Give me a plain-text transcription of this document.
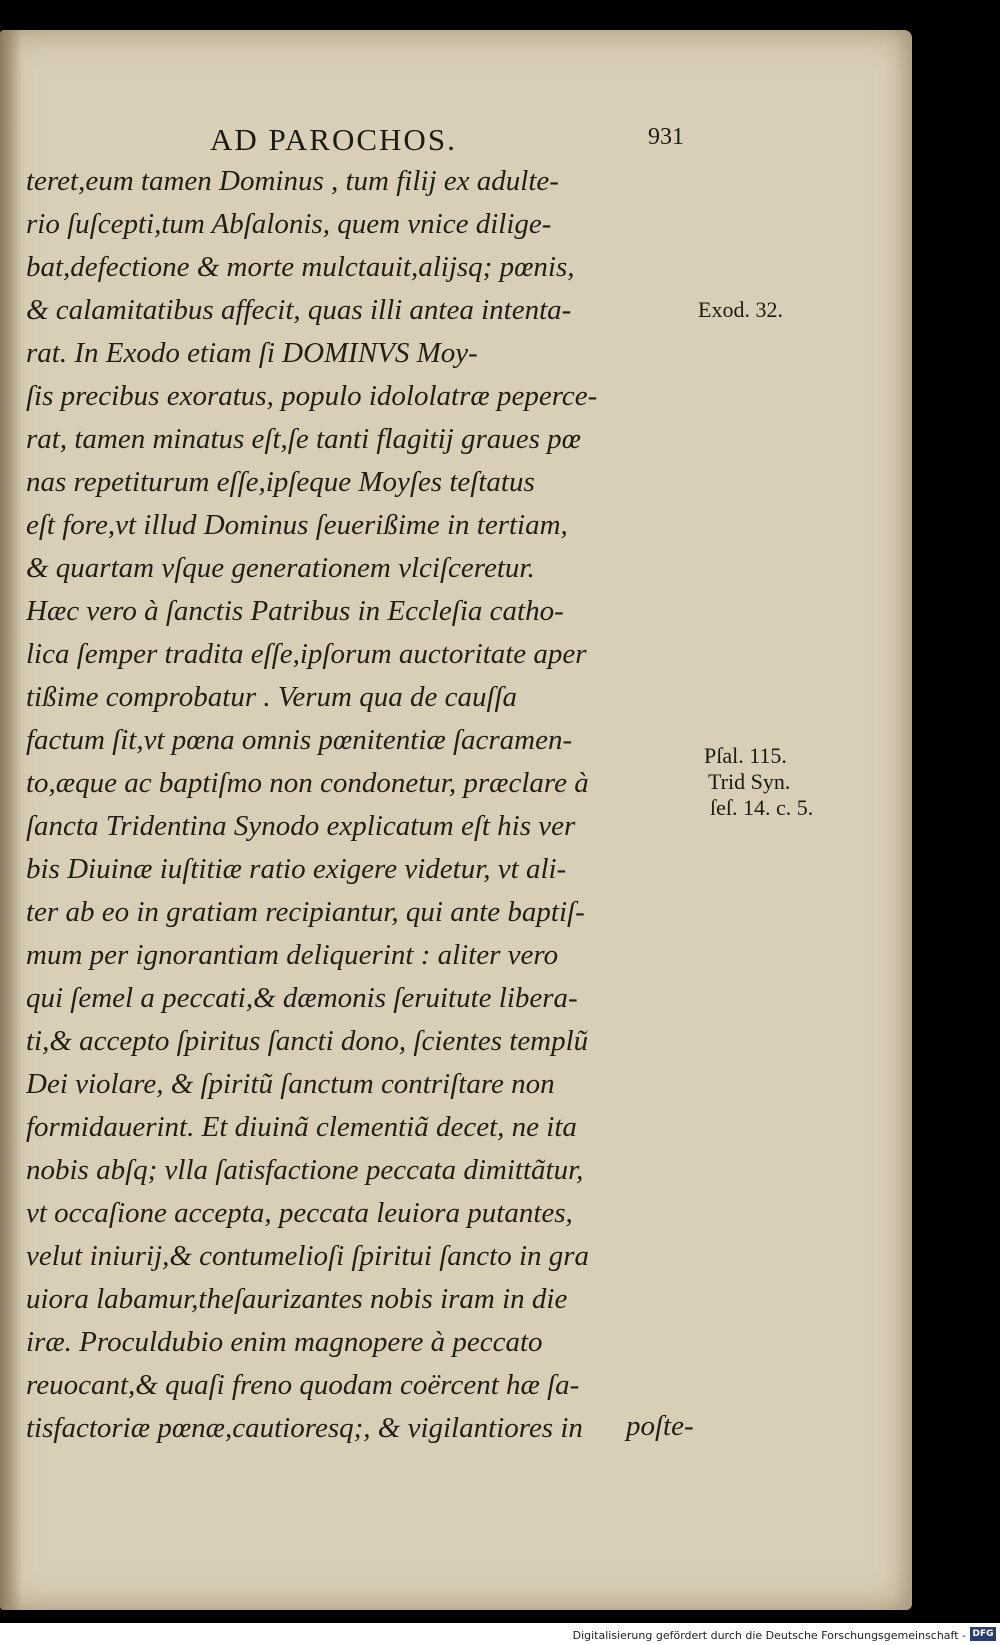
AD PAROCHOS.	931
teret,eum tamen Dominus , tum filij ex adulte-
rio ſuſcepti,tum Abſalonis, quem vnice dilige-
bat,defectione & morte mulctauit,alijsq; pœnis,
& calamitatibus affecit, quas illi antea intenta-
rat. In Exodo etiam ſi DOMINVS Moy-
ſis precibus exoratus, populo idololatræ peperce-
rat, tamen minatus eſt,ſe tanti flagitij graues pœ
nas repetiturum eſſe,ipſeque Moyſes teſtatus
eſt fore,vt illud Dominus ſeuerißime in tertiam,
& quartam vſque generationem vlciſceretur.
Hæc vero à ſanctis Patribus in Eccleſia catho-
lica ſemper tradita eſſe,ipſorum auctoritate aper
tißime comprobatur . Verum qua de cauſſa
factum ſit,vt pœna omnis pœnitentiæ ſacramen-
to,æque ac baptiſmo non condonetur, præclare à
ſancta Tridentina Synodo explicatum eſt his ver
bis Diuinæ iuſtitiæ ratio exigere videtur, vt ali-
ter ab eo in gratiam recipiantur, qui ante baptiſ-
mum per ignorantiam deliquerint : aliter vero
qui ſemel a peccati,& dæmonis ſeruitute libera-
ti,& accepto ſpiritus ſancti dono, ſcientes templũ
Dei violare, & ſpiritũ ſanctum contriſtare non
formidauerint. Et diuinã clementiã decet, ne ita
nobis abſq; vlla ſatisfactione peccata dimittãtur,
vt occaſione accepta, peccata leuiora putantes,
velut iniurij,& contumelioſi ſpiritui ſancto in gra
uiora labamur,theſaurizantes nobis iram in die
iræ. Proculdubio enim magnopere à peccato
reuocant,& quaſi freno quodam coërcent hæ ſa-
tisfactoriæ pœnæ,cautioresq;, & vigilantiores in	poſte-
Exod. 32.
Pſal. 115.
Trid Syn.
ſeſ. 14. c. 5.
Digitalisierung gefördert durch die Deutsche Forschungsgemeinschaft - DFG
